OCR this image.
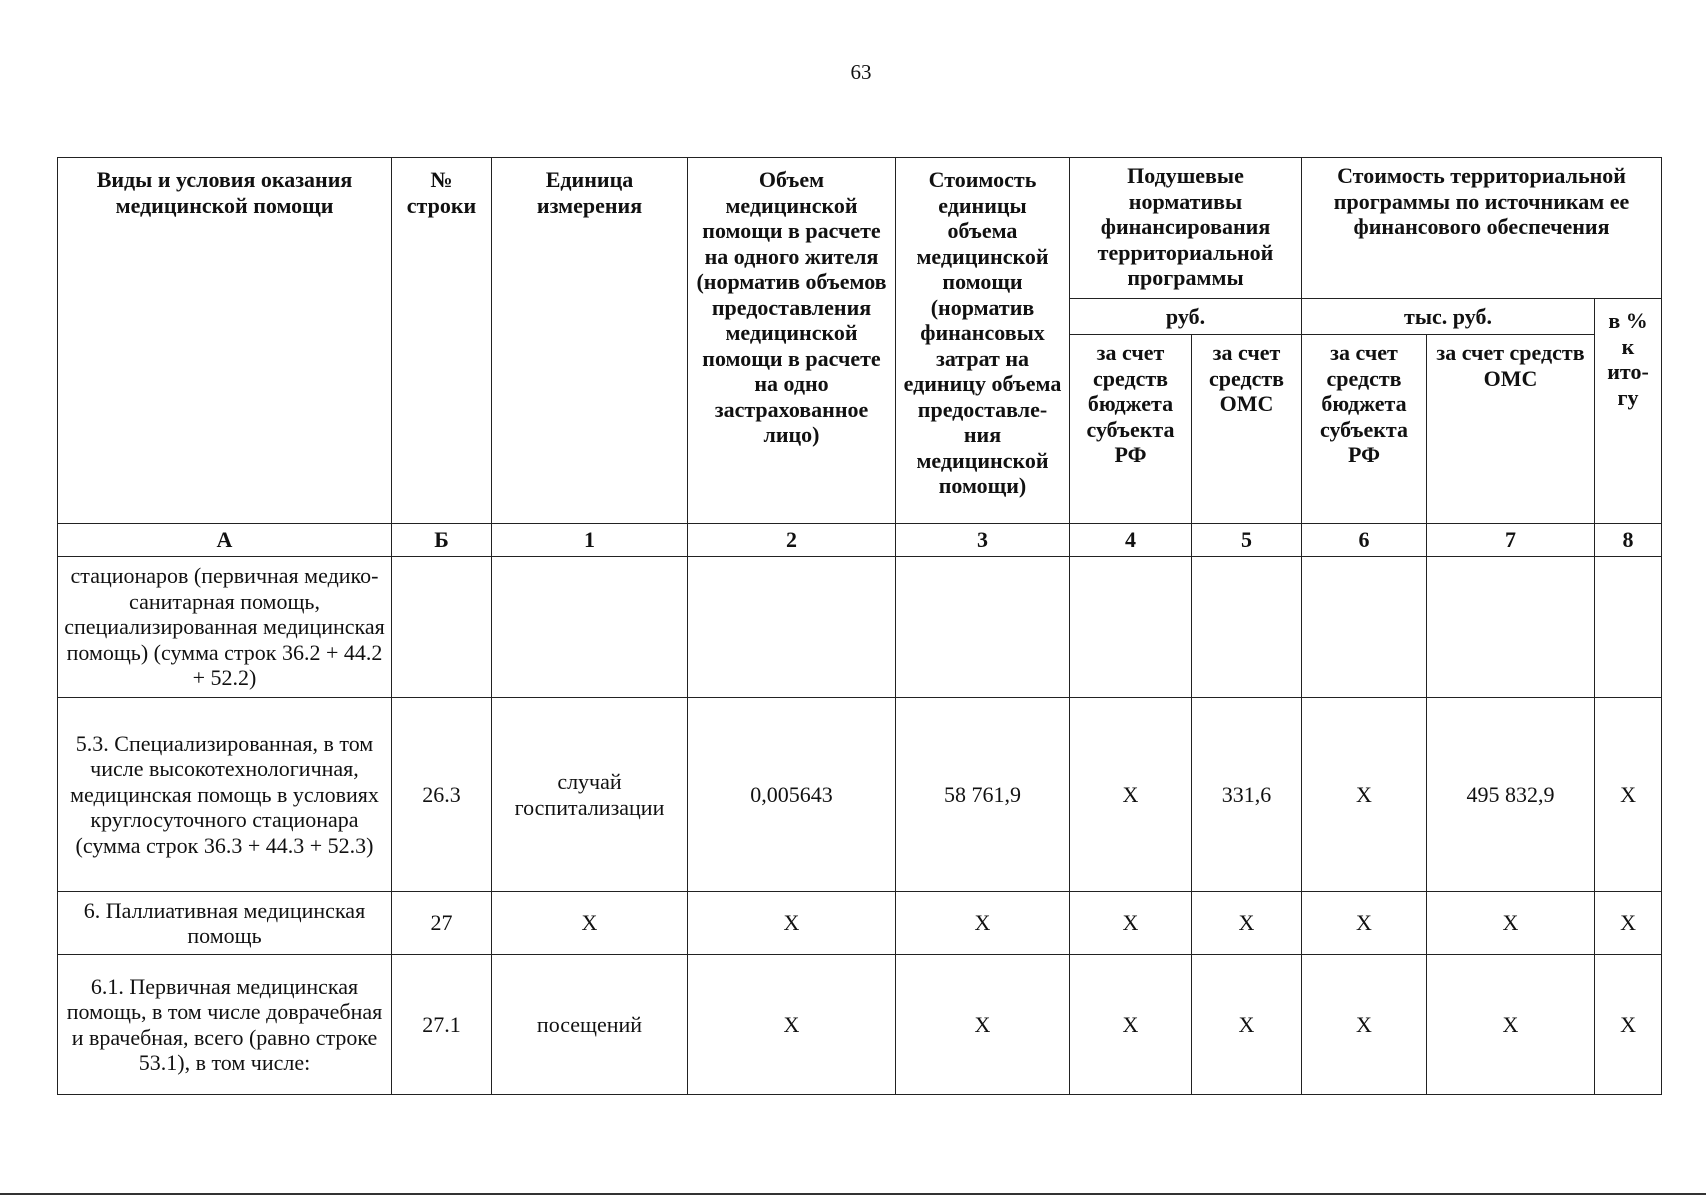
63
Виды и условия оказания медицинской помощи	№ строки	Единица измерения	Объем медицинской помощи в расчете на одного жителя (норматив объемов предоставления медицинской помощи в расчете на одно застрахованное лицо)	Стоимость единицы объема медицинской помощи (норматив финансовых затрат на единицу объема предоставле-ния медицинской помощи)	Подушевые нормативы финансирования территориальной программы		Стоимость территориальной программы по источникам ее финансового обеспечения		
					руб.		тыс. руб.		в % к ито-гу
					за счет средств бюджета субъекта РФ	за счет средств ОМС	за счет средств бюджета субъекта РФ	за счет средств ОМС	
А	Б	1	2	3	4	5	6	7	8
стационаров (первичная медико-санитарная помощь, специализированная медицинская помощь) (сумма строк 36.2 + 44.2 + 52.2)									
5.3. Специализированная, в том числе высокотехнологичная, медицинская помощь в условиях круглосуточного стационара (сумма строк 36.3 + 44.3 + 52.3)	26.3	случай госпитализации	0,005643	58 761,9	X	331,6	X	495 832,9	X
6. Паллиативная медицинская помощь	27	X	X	X	X	X	X	X	X
6.1. Первичная медицинская помощь, в том числе доврачебная и врачебная, всего (равно строке 53.1), в том числе:	27.1	посещений	X	X	X	X	X	X	X
